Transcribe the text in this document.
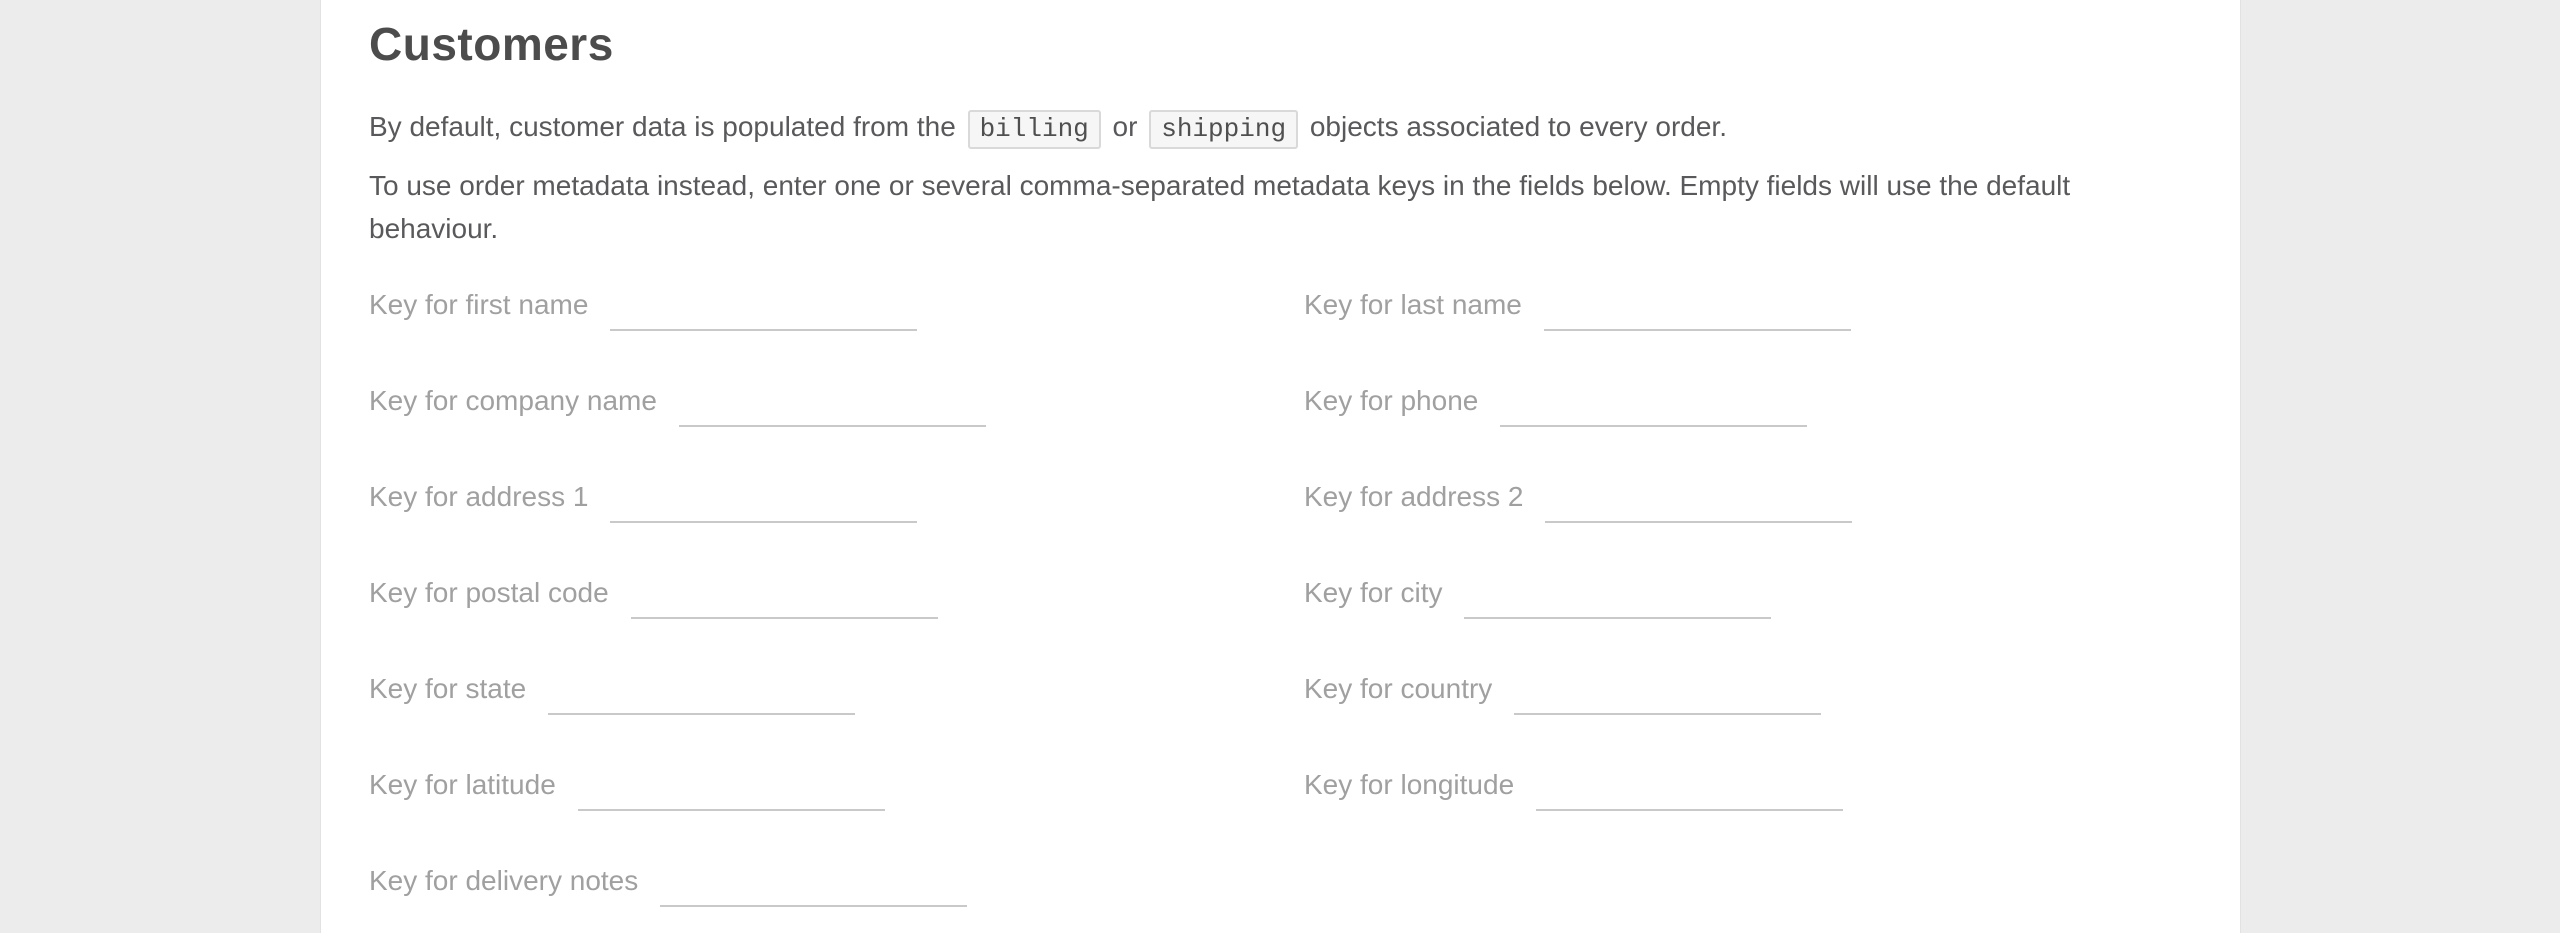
Customers

By default, customer data is populated from the billing or shipping objects associated to every order.

To use order metadata instead, enter one or several comma-separated metadata keys in the fields below. Empty fields will use the default behaviour.

Key for first name	Key for last name
Key for company name	Key for phone
Key for address 1	Key for address 2
Key for postal code	Key for city
Key for state	Key for country
Key for latitude	Key for longitude
Key for delivery notes
